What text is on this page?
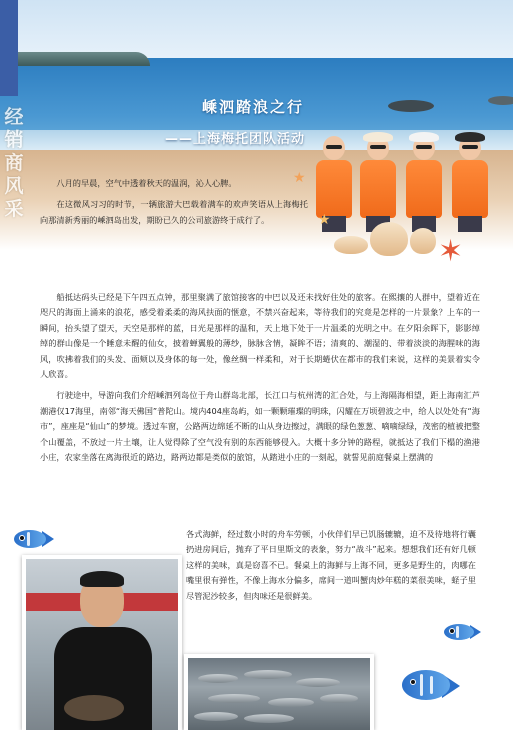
经
销
商
风
采
嵊泗踏浪之行
——上海梅托团队活动
★
✶
★

八月的早晨，空气中透着秋天的温润，沁人心脾。

在这微风习习的时节，一辆旅游大巴载着满车的欢声笑语从上海梅托向那清新秀丽的嵊泗岛出发，期盼已久的公司旅游终于成行了。

船抵达码头已经是下午四五点钟，那里聚满了旅馆接客的中巴以及还未找好住处的旅客。在熙攘的人群中，望着近在咫尺的海面上涌来的浪花，感受着柔柔的海风扶面的惬意，不禁兴奋起来，等待我们的究竟是怎样的一片景象？上车的一瞬间，抬头望了望天，天空是那样的蓝，日光是那样的温和，天上地下处于一片温柔的光明之中。在夕阳余晖下，影影绰绰的群山像是一个睡意未醒的仙女，披着蝉翼般的薄纱，脉脉含情，凝眸不语；清爽的、潮湿的、带着淡淡的海腥味的海风，吹拂着我们的头发、面颊以及身体的每一处，像丝绸一样柔和，对于长期蜷伏在都市的我们来说，这样的美景着实令人欣喜。

行驶途中，导游向我们介绍嵊泗列岛位于舟山群岛北部，长江口与杭州湾的汇合处，与上海隔海相望，距上海南汇芦潮港仅17海里，南邻“海天佛国”普陀山。境内404座岛屿，如一颗颗璀璨的明珠，闪耀在万顷碧波之中，给人以处处有“海市”，座座是“仙山”的梦境。透过车窗，公路两边绵延不断的山从身边擦过，满眼的绿色葱葱、嘀嘀绿绿，茂密的植被把整个山覆盖，不放过一片土壤，让人觉得除了空气没有别的东西能够侵入。大概十多分钟的路程，就抵达了我们下榻的渔港小庄，农家坐落在离海很近的路边，路两边都是类似的旅馆，从踏进小庄的一刻起，就誓见前庭餐桌上摆满的

各式海鲜，经过数小时的舟车劳顿，小伙伴们早已饥肠辘辘，迫不及待地将行囊扔进房间后，抛弃了平日里斯文的表象，努力“战斗”起来。想想我们还有好几顿这样的美味，真是窃喜不已。餐桌上的海鲜与上海不同，更多是野生的，肉哪在嘴里很有弹性，不像上海水分偏多，席间一道叫蟹肉炒年糕的菜很美味，蛏子里尽管泥沙较多，但肉味还是很鲜美。
